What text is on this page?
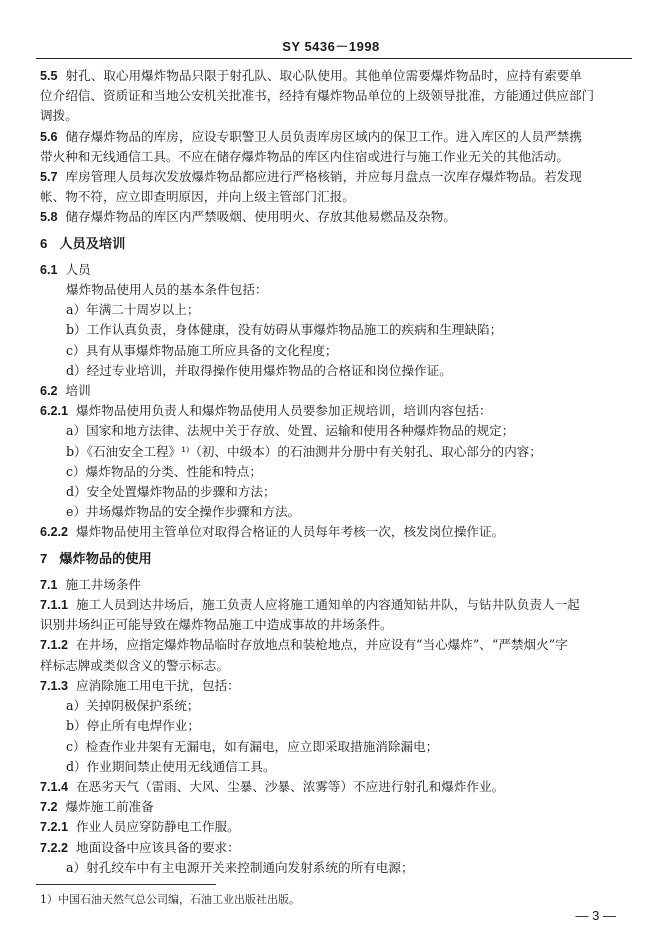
SY 5436－1998

5.5 射孔、取心用爆炸物品只限于射孔队、取心队使用。其他单位需要爆炸物品时，应持有索要单

位介绍信、资质证和当地公安机关批准书，经持有爆炸物品单位的上级领导批准，方能通过供应部门

调拨。

5.6 储存爆炸物品的库房，应设专职警卫人员负责库房区域内的保卫工作。进入库区的人员严禁携

带火种和无线通信工具。不应在储存爆炸物品的库区内住宿或进行与施工作业无关的其他活动。

5.7 库房管理人员每次发放爆炸物品都应进行严格核销，并应每月盘点一次库存爆炸物品。若发现

帐、物不符，应立即查明原因，并向上级主管部门汇报。

5.8 储存爆炸物品的库区内严禁吸烟、使用明火、存放其他易燃品及杂物。

6 人员及培训

6.1 人员

爆炸物品使用人员的基本条件包括：

a）年满二十周岁以上；

b）工作认真负责，身体健康，没有妨碍从事爆炸物品施工的疾病和生理缺陷；

c）具有从事爆炸物品施工所应具备的文化程度；

d）经过专业培训，并取得操作使用爆炸物品的合格证和岗位操作证。

6.2 培训

6.2.1 爆炸物品使用负责人和爆炸物品使用人员要参加正规培训，培训内容包括：

a）国家和地方法律、法规中关于存放、处置、运输和使用各种爆炸物品的规定；

b）《石油安全工程》¹⁾（初、中级本）的石油测井分册中有关射孔、取心部分的内容；

c）爆炸物品的分类、性能和特点；

d）安全处置爆炸物品的步骤和方法；

e）井场爆炸物品的安全操作步骤和方法。

6.2.2 爆炸物品使用主管单位对取得合格证的人员每年考核一次，核发岗位操作证。

7 爆炸物品的使用

7.1 施工井场条件

7.1.1 施工人员到达井场后，施工负责人应将施工通知单的内容通知钻井队，与钻井队负责人一起

识别井场纠正可能导致在爆炸物品施工中造成事故的井场条件。

7.1.2 在井场，应指定爆炸物品临时存放地点和装枪地点，并应设有“当心爆炸”、“严禁烟火”字

样标志牌或类似含义的警示标志。

7.1.3 应消除施工用电干扰，包括：

a）关掉阴极保护系统；

b）停止所有电焊作业；

c）检查作业井架有无漏电，如有漏电，应立即采取措施消除漏电；

d）作业期间禁止使用无线通信工具。

7.1.4 在恶劣天气（雷雨、大风、尘暴、沙暴、浓雾等）不应进行射孔和爆炸作业。

7.2 爆炸施工前准备

7.2.1 作业人员应穿防静电工作服。

7.2.2 地面设备中应该具备的要求：

a）射孔绞车中有主电源开关来控制通向发射系统的所有电源；

1）中国石油天然气总公司编，石油工业出版社出版。
— 3 —
